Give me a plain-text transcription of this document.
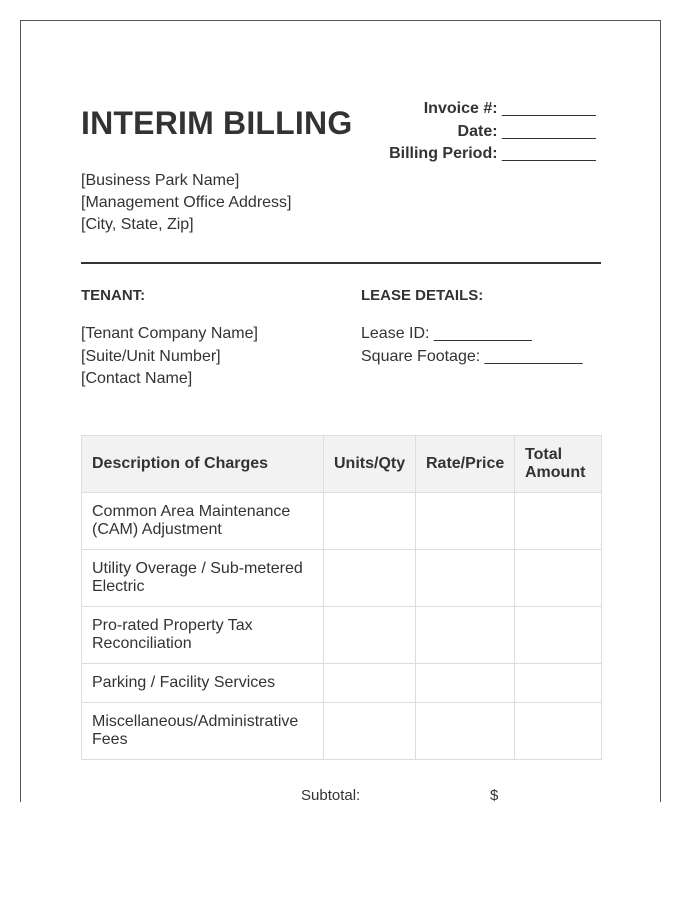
INTERIM BILLING	Invoice #: ___________
Date: ___________
Billing Period: ___________
[Business Park Name]
[Management Office Address]
[City, State, Zip]
TENANT:	LEASE DETAILS:
[Tenant Company Name]
[Suite/Unit Number]
[Contact Name]
Lease ID: ___________
Square Footage: ___________
Description of Charges	Units/Qty	Rate/Price	Total Amount
Common Area Maintenance (CAM) Adjustment			
Utility Overage / Sub-metered Electric			
Pro-rated Property Tax Reconciliation			
Parking / Facility Services			
Miscellaneous/Administrative Fees			
Subtotal:	$
